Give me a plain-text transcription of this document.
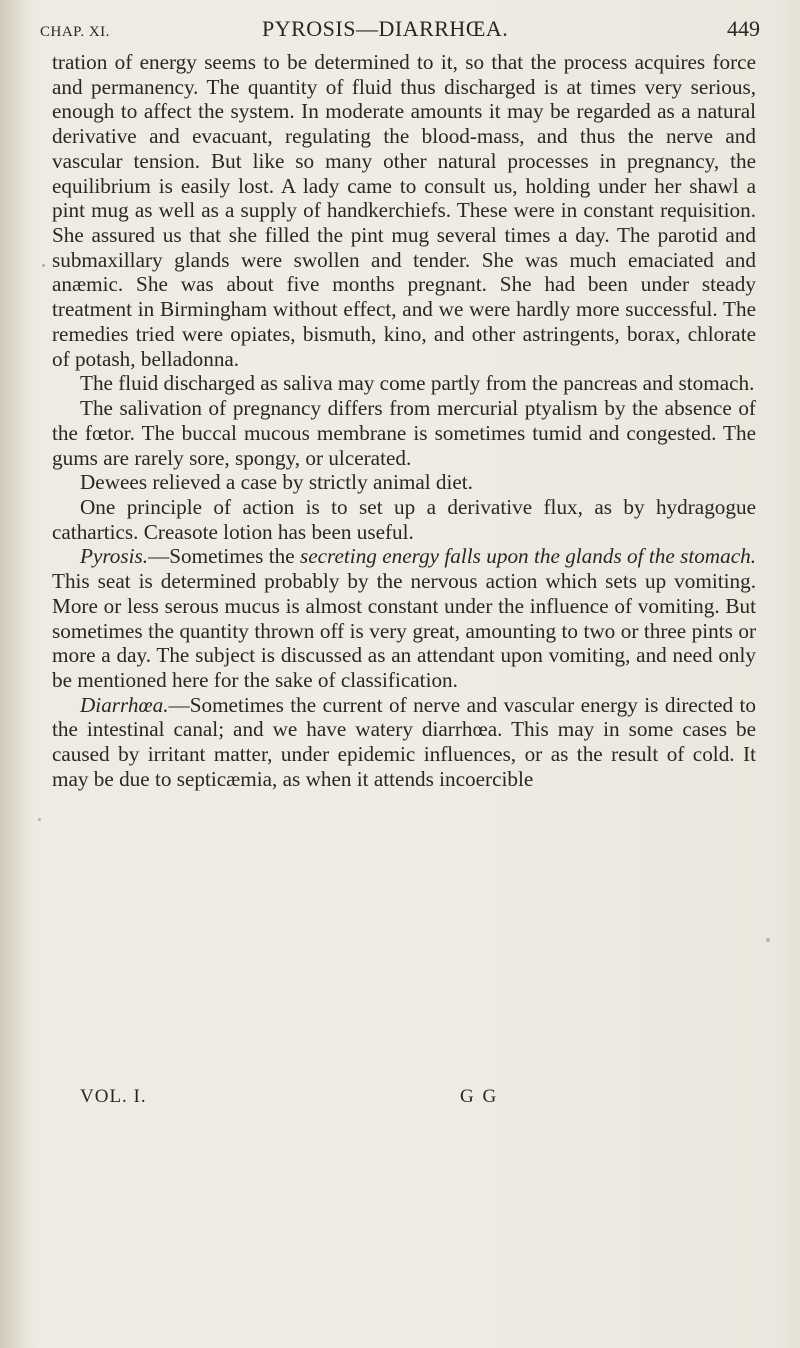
CHAP. XI.	PYROSIS—DIARRHŒA.	449

tration of energy seems to be determined to it, so that the process acquires force and permanency. The quantity of fluid thus discharged is at times very serious, enough to affect the system. In moderate amounts it may be regarded as a natural derivative and evacuant, regulating the blood-mass, and thus the nerve and vascular tension. But like so many other natural processes in pregnancy, the equilibrium is easily lost. A lady came to consult us, holding under her shawl a pint mug as well as a supply of handkerchiefs. These were in constant requisition. She assured us that she filled the pint mug several times a day. The parotid and submaxillary glands were swollen and tender. She was much emaciated and anæmic. She was about five months pregnant. She had been under steady treatment in Birmingham without effect, and we were hardly more successful. The remedies tried were opiates, bismuth, kino, and other astringents, borax, chlorate of potash, belladonna.

The fluid discharged as saliva may come partly from the pancreas and stomach.

The salivation of pregnancy differs from mercurial ptyalism by the absence of the fœtor. The buccal mucous membrane is sometimes tumid and congested. The gums are rarely sore, spongy, or ulcerated.

Dewees relieved a case by strictly animal diet.

One principle of action is to set up a derivative flux, as by hydragogue cathartics. Creasote lotion has been useful.

Pyrosis.—Sometimes the secreting energy falls upon the glands of the stomach. This seat is determined probably by the nervous action which sets up vomiting. More or less serous mucus is almost constant under the influence of vomiting. But sometimes the quantity thrown off is very great, amounting to two or three pints or more a day. The subject is discussed as an attendant upon vomiting, and need only be mentioned here for the sake of classification.

Diarrhœa.—Sometimes the current of nerve and vascular energy is directed to the intestinal canal; and we have watery diarrhœa. This may in some cases be caused by irritant matter, under epidemic influences, or as the result of cold. It may be due to septicæmia, as when it attends incoercible

VOL. I.	G G
